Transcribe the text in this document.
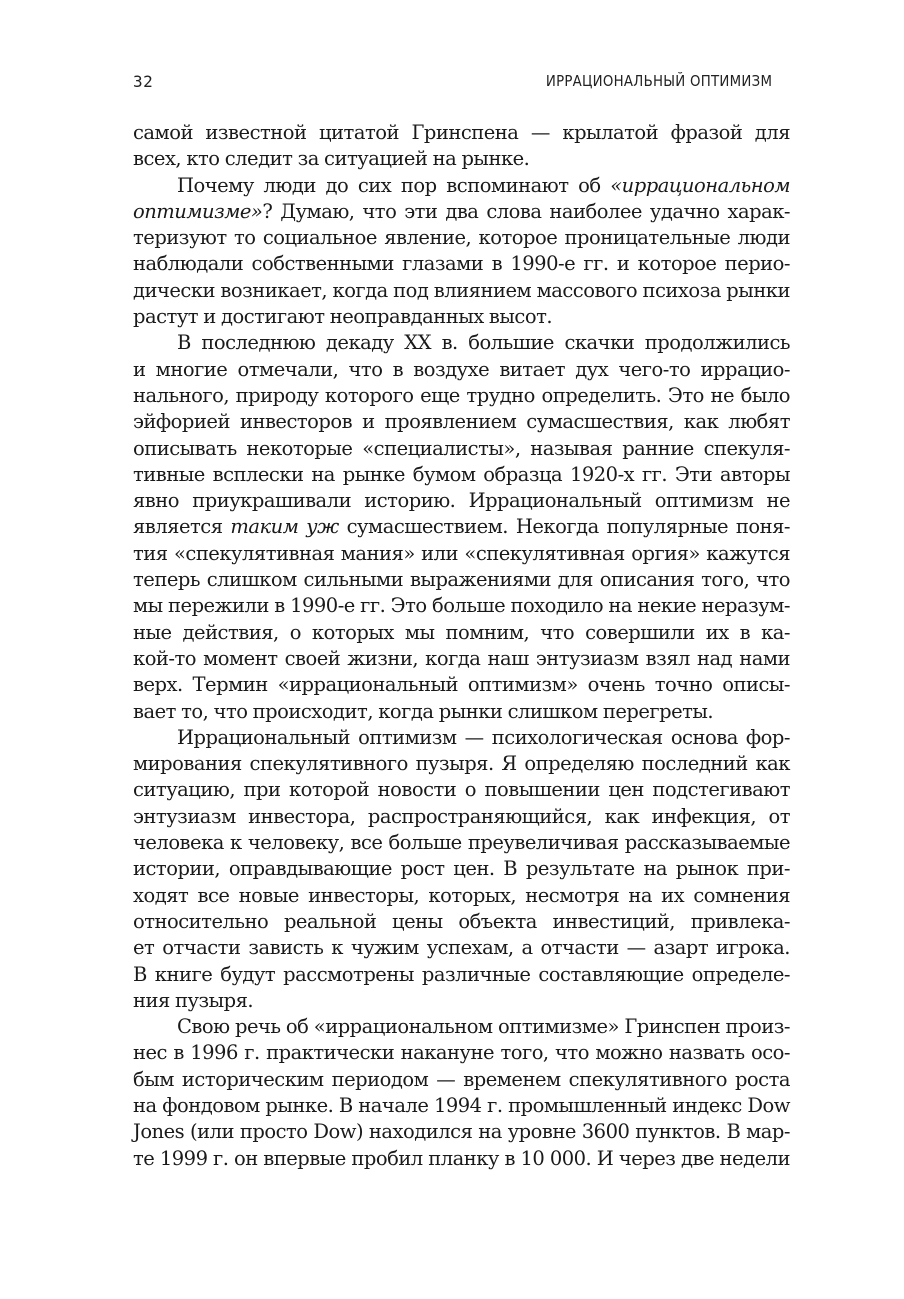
32	ИРРАЦИОНАЛЬНЫЙ ОПТИМИЗМ
самой известной цитатой Гринспена — крылатой фразой для
всех, кто следит за ситуацией на рынке.
Почему люди до сих пор вспоминают об «иррациональном
оптимизме»? Думаю, что эти два слова наиболее удачно харак-
теризуют то социальное явление, которое проницательные люди
наблюдали собственными глазами в 1990-е гг. и которое перио-
дически возникает, когда под влиянием массового психоза рынки
растут и достигают неоправданных высот.
В последнюю декаду XX в. большие скачки продолжились
и многие отмечали, что в воздухе витает дух чего-то иррацио-
нального, природу которого еще трудно определить. Это не было
эйфорией инвесторов и проявлением сумасшествия, как любят
описывать некоторые «специалисты», называя ранние спекуля-
тивные всплески на рынке бумом образца 1920-х гг. Эти авторы
явно приукрашивали историю. Иррациональный оптимизм не
является таким уж сумасшествием. Некогда популярные поня-
тия «спекулятивная мания» или «спекулятивная оргия» кажутся
теперь слишком сильными выражениями для описания того, что
мы пережили в 1990-е гг. Это больше походило на некие неразум-
ные действия, о которых мы помним, что совершили их в ка-
кой-то момент своей жизни, когда наш энтузиазм взял над нами
верх. Термин «иррациональный оптимизм» очень точно описы-
вает то, что происходит, когда рынки слишком перегреты.
Иррациональный оптимизм — психологическая основа фор-
мирования спекулятивного пузыря. Я определяю последний как
ситуацию, при которой новости о повышении цен подстегивают
энтузиазм инвестора, распространяющийся, как инфекция, от
человека к человеку, все больше преувеличивая рассказываемые
истории, оправдывающие рост цен. В результате на рынок при-
ходят все новые инвесторы, которых, несмотря на их сомнения
относительно реальной цены объекта инвестиций, привлека-
ет отчасти зависть к чужим успехам, а отчасти — азарт игрока.
В книге будут рассмотрены различные составляющие определе-
ния пузыря.
Свою речь об «иррациональном оптимизме» Гринспен произ-
нес в 1996 г. практически накануне того, что можно назвать осо-
бым историческим периодом — временем спекулятивного роста
на фондовом рынке. В начале 1994 г. промышленный индекс Dow
Jones (или просто Dow) находился на уровне 3600 пунктов. В мар-
те 1999 г. он впервые пробил планку в 10 000. И через две недели
